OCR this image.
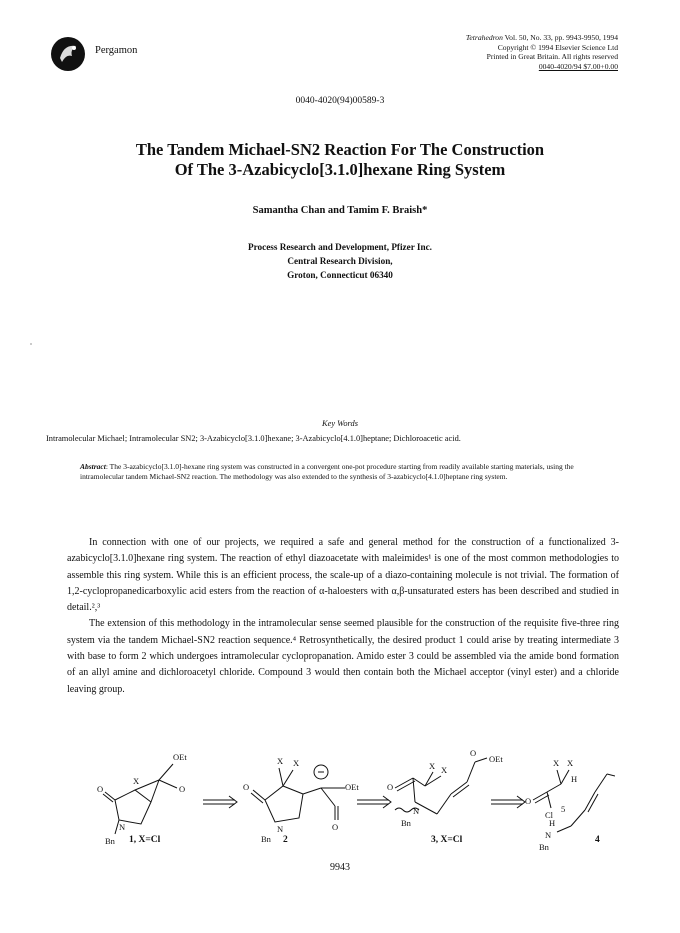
Pergamon
Tetrahedron Vol. 50, No. 33, pp. 9943-9950, 1994
Copyright © 1994 Elsevier Science Ltd
Printed in Great Britain. All rights reserved
0040-4020/94 $7.00+0.00
0040-4020(94)00589-3
The Tandem Michael-SN2 Reaction For The Construction
Of The 3-Azabicyclo[3.1.0]hexane Ring System
Samantha Chan and Tamim F. Braish*
Process Research and Development, Pfizer Inc.
Central Research Division,
Groton, Connecticut 06340
Key Words
Intramolecular Michael; Intramolecular SN2; 3-Azabicyclo[3.1.0]hexane; 3-Azabicyclo[4.1.0]heptane; Dichloroacetic acid.
Abstract: The 3-azabicyclo[3.1.0]-hexane ring system was constructed in a convergent one-pot procedure starting from readily available starting materials, using the intramolecular tandem Michael-SN2 reaction. The methodology was also extended to the synthesis of 3-azabicyclo[4.1.0]heptane ring system.

In connection with one of our projects, we required a safe and general method for the construction of a functionalized 3-azabicyclo[3.1.0]hexane ring system. The reaction of ethyl diazoacetate with maleimides¹ is one of the most common methodologies to assemble this ring system. While this is an efficient process, the scale-up of a diazo-containing molecule is not trivial. The formation of 1,2-cyclopropanedicarboxylic acid esters from the reaction of α-haloesters with α,β-unsaturated esters has been described and studied in detail.²,³

The extension of this methodology in the intramolecular sense seemed plausible for the construction of the requisite five-three ring system via the tandem Michael-SN2 reaction sequence.⁴ Retrosynthetically, the desired product 1 could arise by treating intermediate 3 with base to form 2 which undergoes intramolecular cyclopropanation. Amido ester 3 could be assembled via the amide bond formation of an allyl amine and dichloroacetyl chloride. Compound 3 would then contain both the Michael acceptor (vinyl ester) and a chloride leaving group.

OEt
O
X
O
N
Bn
X X
O
N
Bn
OEt
O
O
X X
N
Bn
O
OEt
O
X X
H
Cl
5
H
N
Bn
1, X=Cl	2	3, X=Cl	4
9943
